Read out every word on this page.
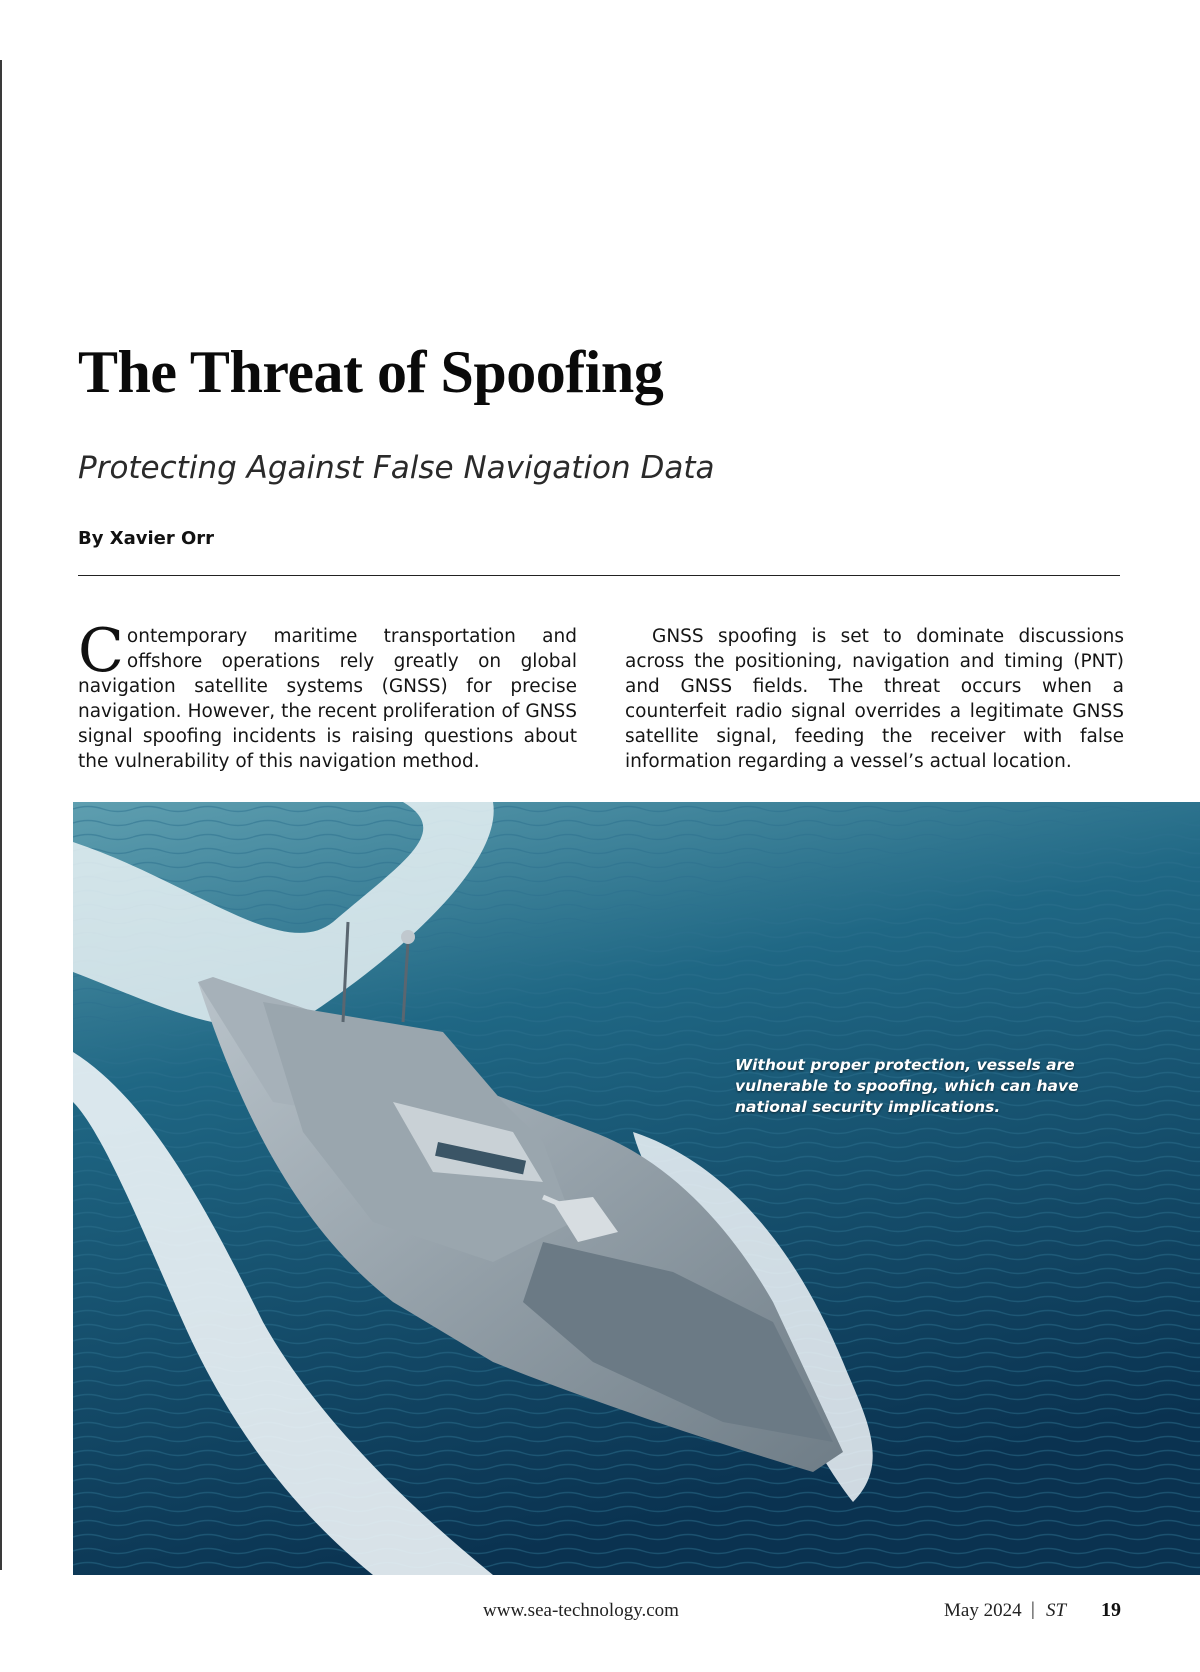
The Threat of Spoofing
Protecting Against False Navigation Data

By Xavier Orr

Contemporary maritime transportation and offshore operations rely greatly on global navigation satellite systems (GNSS) for precise navigation. However, the recent proliferation of GNSS signal spoofing incidents is raising questions about the vulnerability of this navigation method.

GNSS spoofing is set to dominate discussions across the positioning, navigation and timing (PNT) and GNSS fields. The threat occurs when a counterfeit radio signal overrides a legitimate GNSS satellite signal, feeding the receiver with false information regarding a vessel’s actual location.

Without proper protection, vessels are vulnerable to spoofing, which can have national security implications.

www.sea-technology.com	May 2024 | ST 19
